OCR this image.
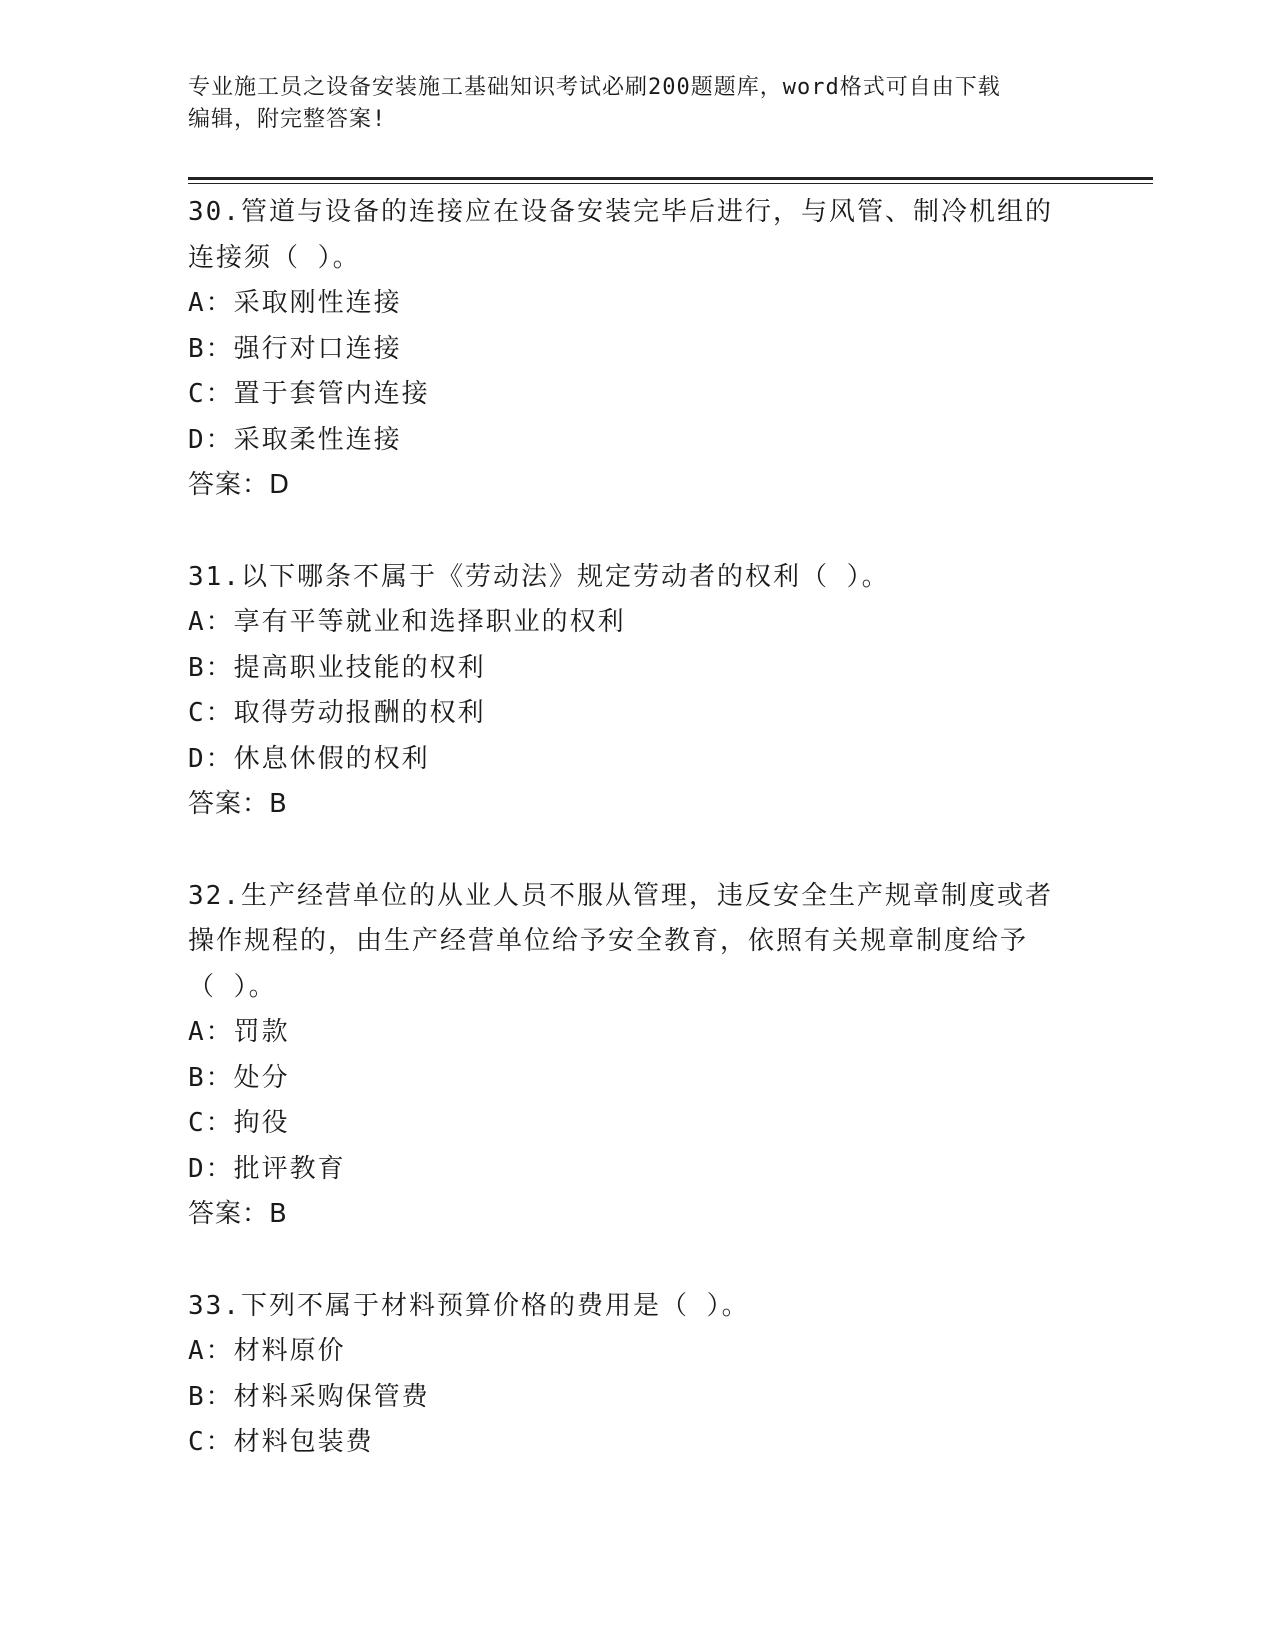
专业施工员之设备安装施工基础知识考试必刷200题题库，word格式可自由下载
编辑，附完整答案!
30.管道与设备的连接应在设备安装完毕后进行，与风管、制冷机组的
连接须（ ）。
A：采取刚性连接
B：强行对口连接
C：置于套管内连接
D：采取柔性连接
答案：D
31.以下哪条不属于《劳动法》规定劳动者的权利（ ）。
A：享有平等就业和选择职业的权利
B：提高职业技能的权利
C：取得劳动报酬的权利
D：休息休假的权利
答案：B
32.生产经营单位的从业人员不服从管理，违反安全生产规章制度或者
操作规程的，由生产经营单位给予安全教育，依照有关规章制度给予
（ ）。
A：罚款
B：处分
C：拘役
D：批评教育
答案：B
33.下列不属于材料预算价格的费用是（ ）。
A：材料原价
B：材料采购保管费
C：材料包装费
